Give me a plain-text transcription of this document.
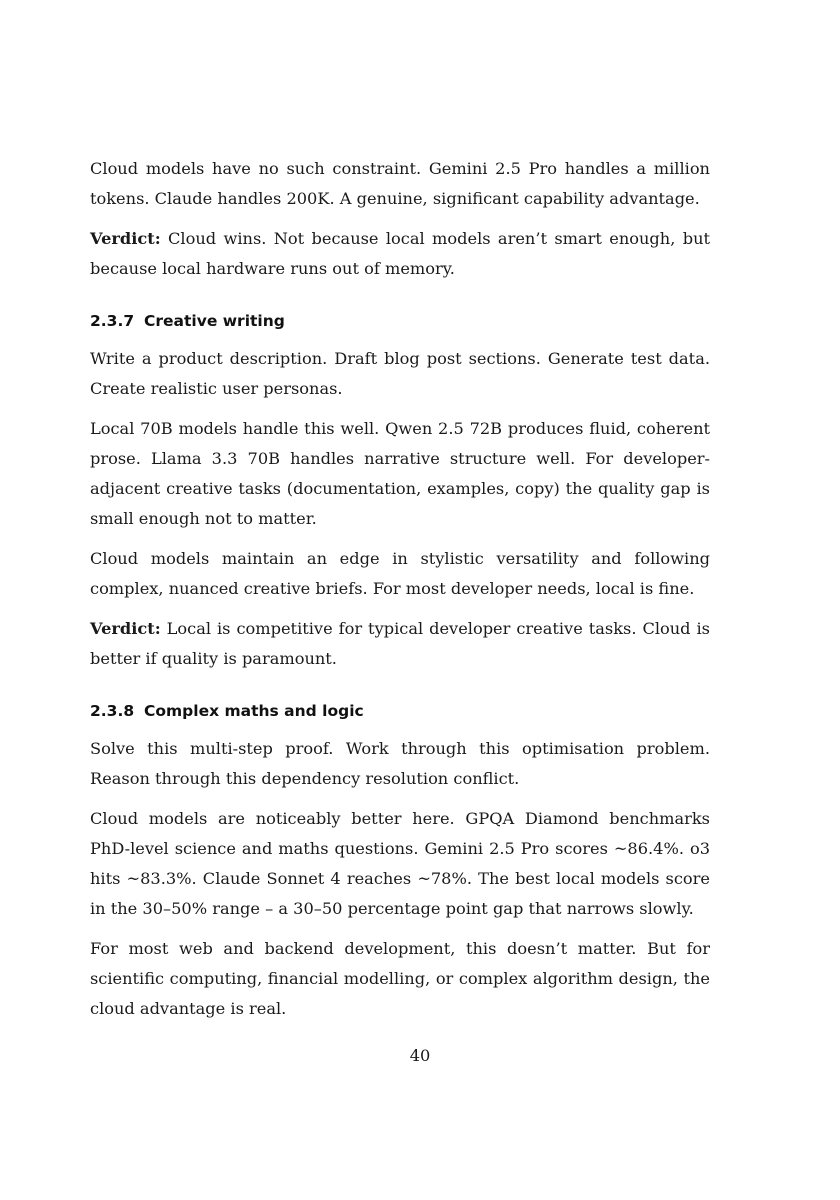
Cloud models have no such constraint. Gemini 2.5 Pro handles a million tokens. Claude handles 200K. A genuine, significant capability advantage.

Verdict: Cloud wins. Not because local models aren’t smart enough, but because local hardware runs out of memory.

2.3.7 Creative writing

Write a product description. Draft blog post sections. Generate test data. Create realistic user personas.

Local 70B models handle this well. Qwen 2.5 72B produces fluid, coherent prose. Llama 3.3 70B handles narrative structure well. For developer-adjacent creative tasks (documentation, examples, copy) the quality gap is small enough not to matter.

Cloud models maintain an edge in stylistic versatility and following complex, nuanced creative briefs. For most developer needs, local is fine.

Verdict: Local is competitive for typical developer creative tasks. Cloud is better if quality is paramount.

2.3.8 Complex maths and logic

Solve this multi-step proof. Work through this optimisation problem. Reason through this dependency resolution conflict.

Cloud models are noticeably better here. GPQA Diamond benchmarks PhD-level science and maths questions. Gemini 2.5 Pro scores ~86.4%. o3 hits ~83.3%. Claude Sonnet 4 reaches ~78%. The best local models score in the 30–50% range – a 30–50 percentage point gap that narrows slowly.

For most web and backend development, this doesn’t matter. But for scientific computing, financial modelling, or complex algorithm design, the cloud advantage is real.

40
